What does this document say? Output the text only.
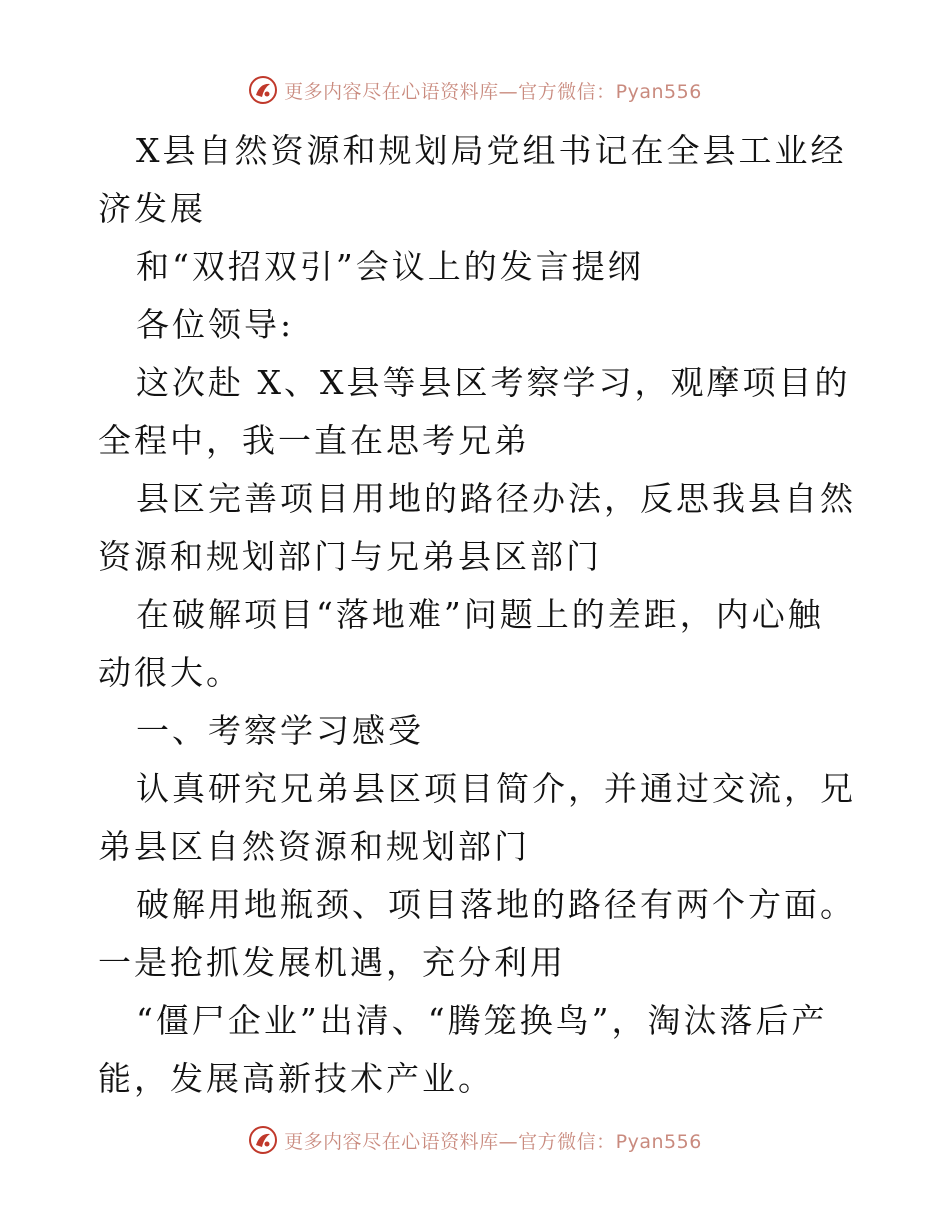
更多内容尽在心语资料库—官方微信：Pyan556

X县自然资源和规划局党组书记在全县工业经济发展

和“双招双引”会议上的发言提纲

各位领导:

这次赴 X、X县等县区考察学习，观摩项目的全程中，我一直在思考兄弟

县区完善项目用地的路径办法，反思我县自然资源和规划部门与兄弟县区部门

在破解项目“落地难”问题上的差距，内心触动很大。

一、考察学习感受

认真研究兄弟县区项目简介，并通过交流，兄弟县区自然资源和规划部门

破解用地瓶颈、项目落地的路径有两个方面。一是抢抓发展机遇，充分利用

“僵尸企业”出清、“腾笼换鸟”，淘汰落后产能，发展高新技术产业。

更多内容尽在心语资料库—官方微信：Pyan556
